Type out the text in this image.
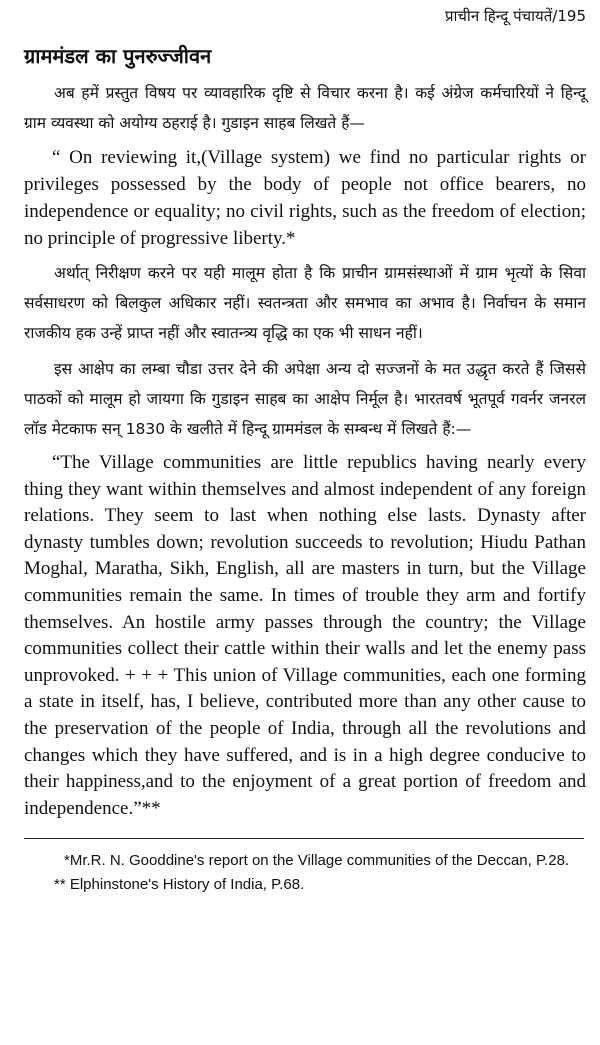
प्राचीन हिन्दू पंचायतें/195
ग्राममंडल का पुनरुज्जीवन

अब हमें प्रस्तुत विषय पर व्यावहारिक दृष्टि से विचार करना है। कई अंग्रेज कर्मचारियों ने हिन्दू ग्राम व्यवस्था को अयोग्य ठहराई है। गुडाइन साहब लिखते हैं—

“ On reviewing it,(Village system) we find no particular rights or privileges possessed by the body of people not office bearers, no independence or equality; no civil rights, such as the freedom of election; no principle of progressive liberty.*

अर्थात् निरीक्षण करने पर यही मालूम होता है कि प्राचीन ग्रामसंस्थाओं में ग्राम भृत्यों के सिवा सर्वसाधरण को बिलकुल अधिकार नहीं। स्वतन्त्रता और समभाव का अभाव है। निर्वाचन के समान राजकीय हक उन्हें प्राप्त नहीं और स्वातन्त्र्य वृद्धि का एक भी साधन नहीं।

इस आक्षेप का लम्बा चौडा उत्तर देने की अपेक्षा अन्य दो सज्जनों के मत उद्धृत करते हैं जिससे पाठकों को मालूम हो जायगा कि गुडाइन साहब का आक्षेप निर्मूल है। भारतवर्ष भूतपूर्व गवर्नर जनरल लॉड मेटकाफ सन् 1830 के खलीते में हिन्दू ग्राममंडल के सम्बन्ध में लिखते हैं:—

“The Village communities are little republics having nearly every thing they want within themselves and almost independent of any foreign relations. They seem to last when nothing else lasts. Dynasty after dynasty tumbles down; revolution succeeds to revolution; Hiudu Pathan Moghal, Maratha, Sikh, English, all are masters in turn, but the Village communities remain the same. In times of trouble they arm and fortify themselves. An hostile army passes through the country; the Village communities collect their cattle within their walls and let the enemy pass unprovoked. + + + This union of Village communities, each one forming a state in itself, has, I believe, contributed more than any other cause to the preservation of the people of India, through all the revolutions and changes which they have suffered, and is in a high degree conducive to their happiness,and to the enjoyment of a great portion of freedom and independence.”**

*Mr.R. N. Gooddine's report on the Village communities of the Deccan, P.28.

** Elphinstone's History of India, P.68.
